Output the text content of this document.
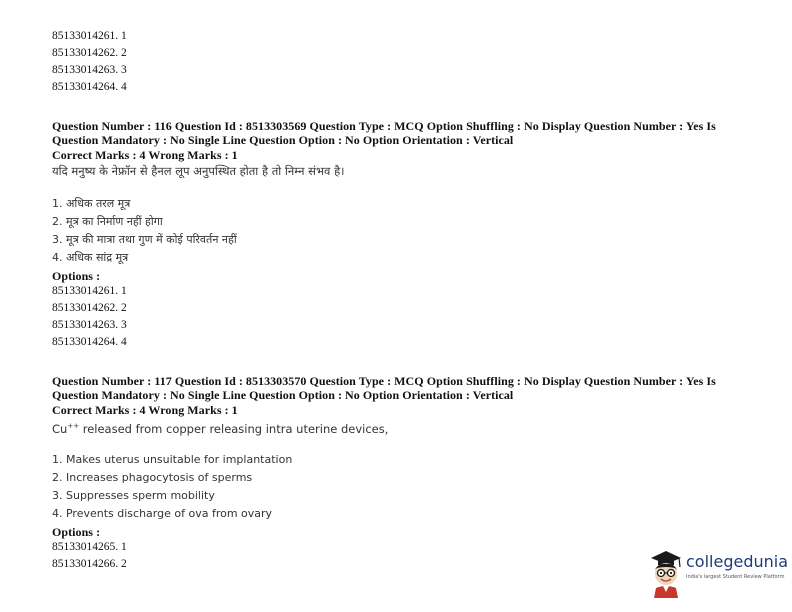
85133014261. 1
85133014262. 2
85133014263. 3
85133014264. 4
Question Number : 116 Question Id : 8513303569 Question Type : MCQ Option Shuffling : No Display Question Number : Yes Is
Question Mandatory : No Single Line Question Option : No Option Orientation : Vertical
Correct Marks : 4 Wrong Marks : 1
यदि मनुष्य के नेफ्रॉन से हैनल लूप अनुपस्थित होता है तो निम्न संभव है।
1. अधिक तरल मूत्र
2. मूत्र का निर्माण नहीं होगा
3. मूत्र की मात्रा तथा गुण में कोई परिवर्तन नहीं
4. अधिक सांद्र मूत्र
Options :
85133014261. 1
85133014262. 2
85133014263. 3
85133014264. 4
Question Number : 117 Question Id : 8513303570 Question Type : MCQ Option Shuffling : No Display Question Number : Yes Is
Question Mandatory : No Single Line Question Option : No Option Orientation : Vertical
Correct Marks : 4 Wrong Marks : 1
Cu++ released from copper releasing intra uterine devices,
1. Makes uterus unsuitable for implantation
2. Increases phagocytosis of sperms
3. Suppresses sperm mobility
4. Prevents discharge of ova from ovary
Options :
85133014265. 1
85133014266. 2	collegedunia
India's largest Student Review Platform
